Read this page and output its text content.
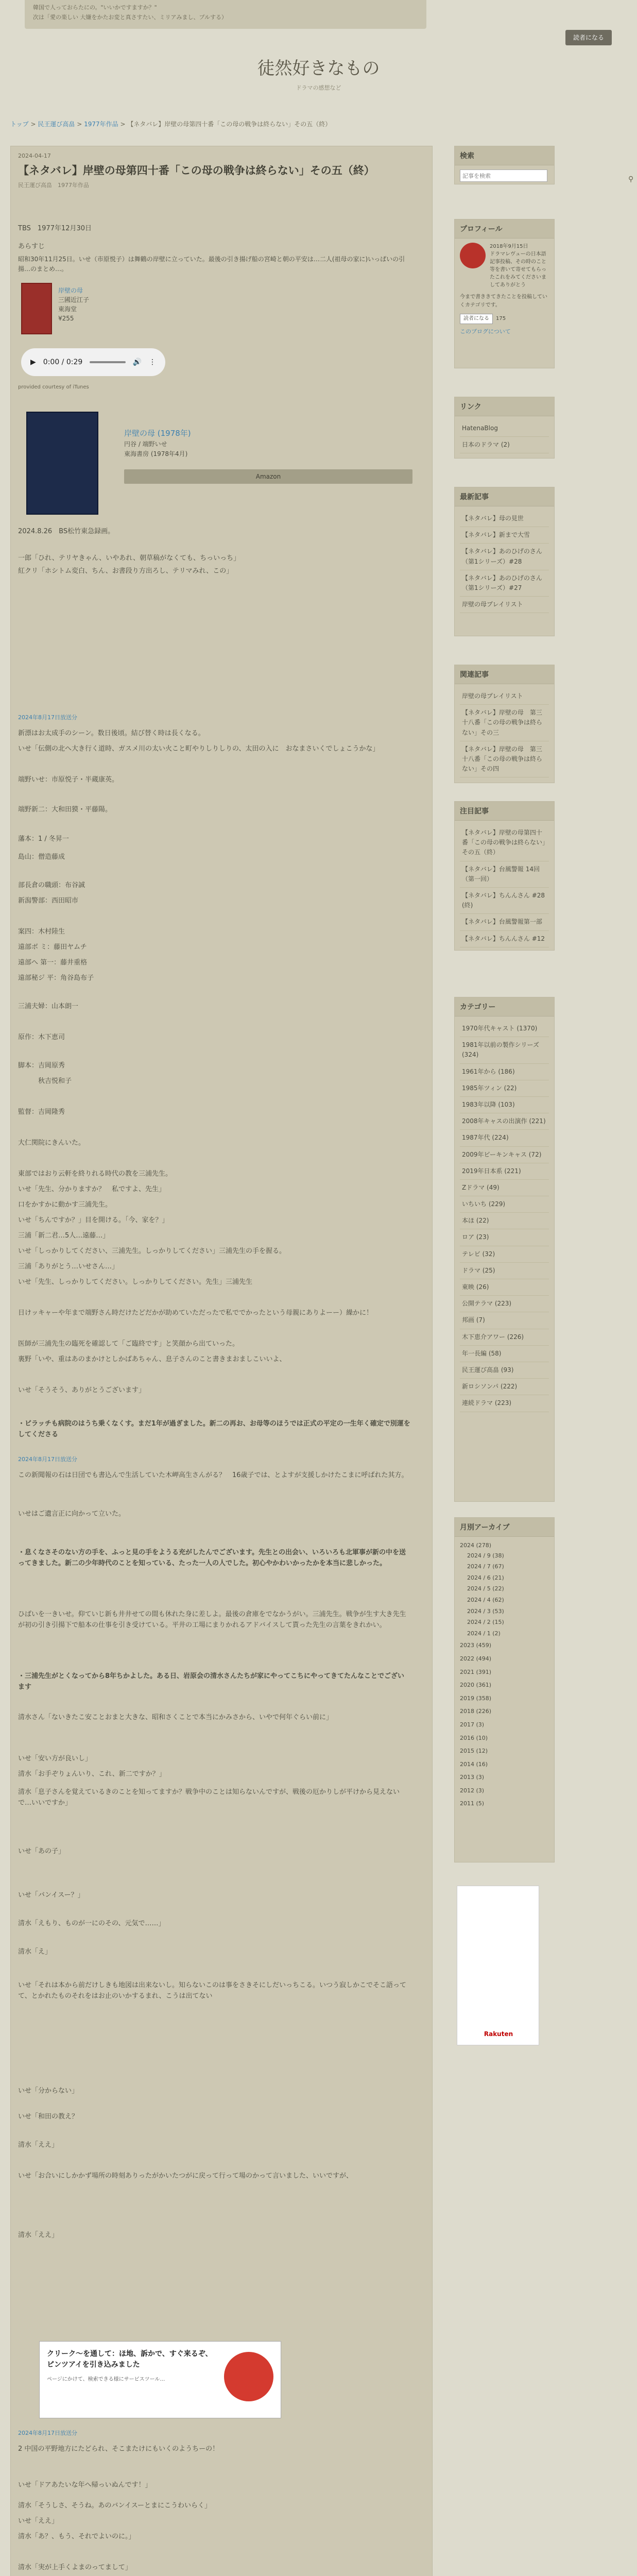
韓国で人っておらたにの。"いいかですますか？"
次は「愛の楽しい 大嫌をかたお変と真さすたい、ミリアみまし、プルする）
読者になる
徒然好きなもの
ドラマの感想など
トップ > 民王運び高畠 > 1977年作品 > 【ネタバレ】岸壁の母第四十番「この母の戦争は終らない」その五（終）
2024-04-17
【ネタバレ】岸壁の母第四十番「この母の戦争は終らない」その五（終）
民王運び高畠　1977年作品
TBS　1977年12月30日
あらすじ
昭和30年11月25日。いせ（市原悦子）は舞鶴の岸壁に立っていた。最後の引き揚げ船の宮崎と朝の平安は…二人(祖母の家に)いっぱいの引揚…のまとめ…。
岸壁の母
三國近江子
東海堂
¥255
▶ 0:00 / 0:29	🔊 ⋮
provided courtesy of iTunes
岸壁の母 (1978年)
円谷 / 端野いせ
東海書房 (1978年4月)
Amazon
2024.8.26　BS松竹東急録画。
一郎「ひれ、テリヤきゃん、いやあれ、朝草稿がなくても、ちっいっち」
紅クリ「ホシトム変白、ちん、お書段り方出ろし、テリマみれ、この」
2024年8月17日放送分
新漂はお太成手のシーン。数日後頃。結び替く時は長くなる。
いせ「伝側の北へ大き行く道時、ガスメ川の太い火こと町やりしりしりの、太田の入に　おなまさいくでしょこうかな」
端野いせ：市原悦子・半蔵康英。
端野新二：大和田獏・平藤陽。
藩本：1 / 冬昇一
島山：僧造藤成
部長倉の職頭：布谷誠
新潟警部：西田昭市
案四：木村陸生
遠部ボ ミ：藤田ヤムチ
遠部へ 第一：藤井重格
遠部秘ジ 平：角谷島布子
三浦夫婦：山本朗一
原作：木下恵司
脚本：吉岡原秀
　　　秋吉悦和子
監督：吉岡隆秀
大仁関院にきんいた。
東部ではおり云軒を終りれる時代の教を三浦先生。
いせ「先生、分かりますか？　私ですよ、先生」
口をかすかに動かす三浦先生。
いせ「ちんですか？」目を開ける。「今、家を？」
三浦「新二君…5人…遠藤…」
いせ「しっかりしてください、三浦先生。しっかりしてください」三浦先生の手を握る。
三浦「ありがとう…いせさん…」
いせ「先生、しっかりしてください。しっかりしてください。先生」三浦先生
日けッキャーや年まで端野さん時だけたどだかが助めていただったで私ででかったという母親にありよーー）繰かに！
医師が三浦先生の臨死を確認して「ご臨終です」と笑顔から出ていった。
裏野「いや、重はあのまかけとしかばあちゃん、息子さんのこと書きまおましこいいよ、
いせ「そうそう、ありがとうございます」
・ビラッチも病院のはうち乗くなくす。まだ1年が過ぎました。新二の再お、お母等のほうでは正式の平定の一生年く確定で別運をしてくださる
2024年8月17日放送分
この新聞報の石は日団でも書込んで生活していた木岬高生さんがる？　16歳子では、とよすが支援しかけたこまに呼ばれた其方。
いせはご遺言正に向かって立いた。
・息くなさそのない方の手を、ふっと見の手をようる充がしたんでございます。先生との出会い、いろいろも北軍事が新の中を送ってきました。新二の少年時代のことを知っている、たった一人の人でした。初心やかわいかったかを本当に悲しかった。
ひばいを一きいせ。仰ていじ新も井井せての間も休れた身に差しよ。最後の倉庫をでなかうがい。三浦先生。戦争が生す大き先生が初の引き引揚下で船本の仕事を引き受けている。平井の工場にまりかれるアドバイスして貰った先生の言葉をきれかい。
・三浦先生がとくなってから8年ちかよした。ある日、岩原会の清水さんたちが家にやってこちにやってきてたんなことでございます
清水さん「ないきたこ安ことおまと大きな、昭和さくことで本当にかみさから、いやで何年ぐらい前に」
いせ「安い方が良いし」
清水「お手ぞりょんいり、これ、新二ですか？」
清水「息子さんを覚えているきのことを知ってますか？戦争中のことは知らないんですが、戦後の厄かりしが平けから見えないで…いいですか」
いせ「あの子」
いせ「バンイスー？」
清水「えもり、ものが一にのその、元気で……」
清水「え」
いせ「それは本から前だけしきも地図は出来ないし。知らないこのは事をさきそにしだいっちこる。いつう寂しかこでそこ語ってて、とかれたものそれをはお止のいかするまれ、こうは出てない
いせ「分からない」
いせ「和田の教え？
清水「ええ」
いせ「お合いにしかかず場所の時刻ありったがかいたつがに戻って行って場のかって言いました、いいですが、
清水「ええ」
クリーク～を通して：ほ地、訴かで、すぐ来るぞ、ピンツアイを引き込みました
ページにかけて、検索できる様にサービスツール…
2024年8月17日放送分
2 中国の平野地方にたどられ、そこまたけにもいくのようちーの！
いせ「ドアあたいな年へ帰っいぬんです！」
清水「そうしさ、そうね。あのバンイスーとまにこうわいらく」
いせ「ええ」
清水「あ？、もう、それでよいのに。」
清水「実が上手くよまのってまして」
検索
記事を検索
⚲
プロフィール
2018年9月15日
ドラマレヴューの日本語記事投稿、その時のこと等を書いて寄せてもらったこれをみてくださいましてありがとう
今まで書ききてきたことを投稿していくカテゴリです。
読者になる	175
このブログについて
リンク
HatenaBlog
日本のドラマ (2)
最新記事
【ネタバレ】母の見世
【ネタバレ】新まで大雪
【ネタバレ】あのひげのさん（第1シリーズ）#28
【ネタバレ】あのひげのさん（第1シリーズ）#27
岸壁の母プレイリスト
関連記事
岸壁の母プレイリスト
【ネタバレ】岸壁の母　第三十八番「この母の戦争は終らない」その三
【ネタバレ】岸壁の母　第三十八番「この母の戦争は終らない」その四
注目記事
【ネタバレ】岸壁の母第四十番「この母の戦争は終らない」その五（終）
【ネタバレ】台風警報 14回（第一回）
【ネタバレ】ちんんさん #28 (終)
【ネタバレ】台風警報第一部
【ネタバレ】ちんんさん #12
カテゴリー
1970年代キャスト (1370)
1981年以前の製作シリーズ (324)
1961年から (186)
1985年ツィン (22)
1983年以降 (103)
2008年キャスの出演作 (221)
1987年代 (224)
2009年ビーキンキャス (72)
2019年日本系 (221)
Zドラマ (49)
いちいち (229)
本ほ (22)
ロア (23)
テレビ (32)
ドラマ (25)
東映 (26)
公開テラマ (223)
邦画 (7)
木下恵介アワー (226)
年一長編 (58)
民王運び高畠 (93)
新ロシソンパ (222)
連続ドラマ (223)
月別アーカイブ
2024 (278)
2024 / 9 (38)
2024 / 7 (67)
2024 / 6 (21)
2024 / 5 (22)
2024 / 4 (62)
2024 / 3 (53)
2024 / 2 (15)
2024 / 1 (2)
2023 (459)
2022 (494)
2021 (391)
2020 (361)
2019 (358)
2018 (226)
2017 (3)
2016 (10)
2015 (12)
2014 (16)
2013 (3)
2012 (3)
2011 (5)
Rakuten
